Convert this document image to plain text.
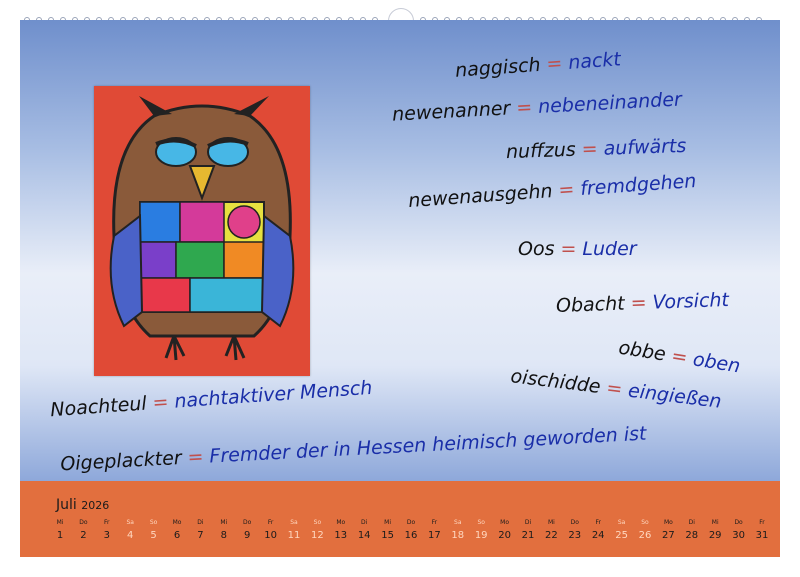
naggisch = nackt
newenanner = nebeneinander
nuffzus = aufwärts
newenausgehn = fremdgehen
Oos = Luder
Obacht = Vorsicht
obbe = oben
oischidde = eingießen
Noachteul = nachtaktiver Mensch
Oigeplackter = Fremder der in Hessen heimisch geworden ist
Juli 2026
Mi
1
Do
2
Fr
3
Sa
4
So
5
Mo
6
Di
7
Mi
8
Do
9
Fr
10
Sa
11
So
12
Mo
13
Di
14
Mi
15
Do
16
Fr
17
Sa
18
So
19
Mo
20
Di
21
Mi
22
Do
23
Fr
24
Sa
25
So
26
Mo
27
Di
28
Mi
29
Do
30
Fr
31
